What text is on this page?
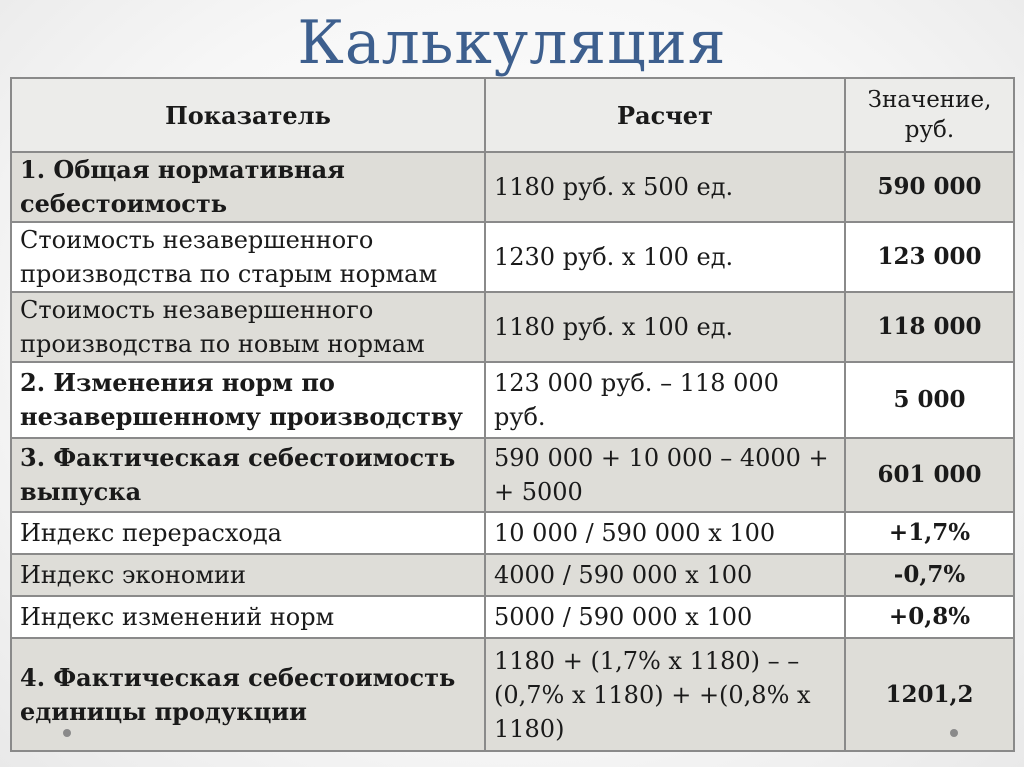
Калькуляция
Показатель	Расчет	Значение, руб.
1. Общая нормативная себестоимость	1180 руб. х 500 ед.	590 000
Стоимость незавершенного производства по старым нормам	1230 руб. х 100 ед.	123 000
Стоимость незавершенного производства по новым нормам	1180 руб. х 100 ед.	118 000
2. Изменения норм по незавершенному производству	123 000 руб. – 118 000 руб.	5 000
3. Фактическая себестоимость выпуска	590 000 + 10 000 – 4000 + + 5000	601 000
Индекс перерасхода	10 000 / 590 000 х 100	+1,7%
Индекс экономии	4000 / 590 000 х 100	-0,7%
Индекс изменений норм	5000 / 590 000 х 100	+0,8%
4. Фактическая себестоимость единицы продукции	1180 + (1,7% х 1180) – – (0,7% х 1180) + +(0,8% х 1180)	1201,2
